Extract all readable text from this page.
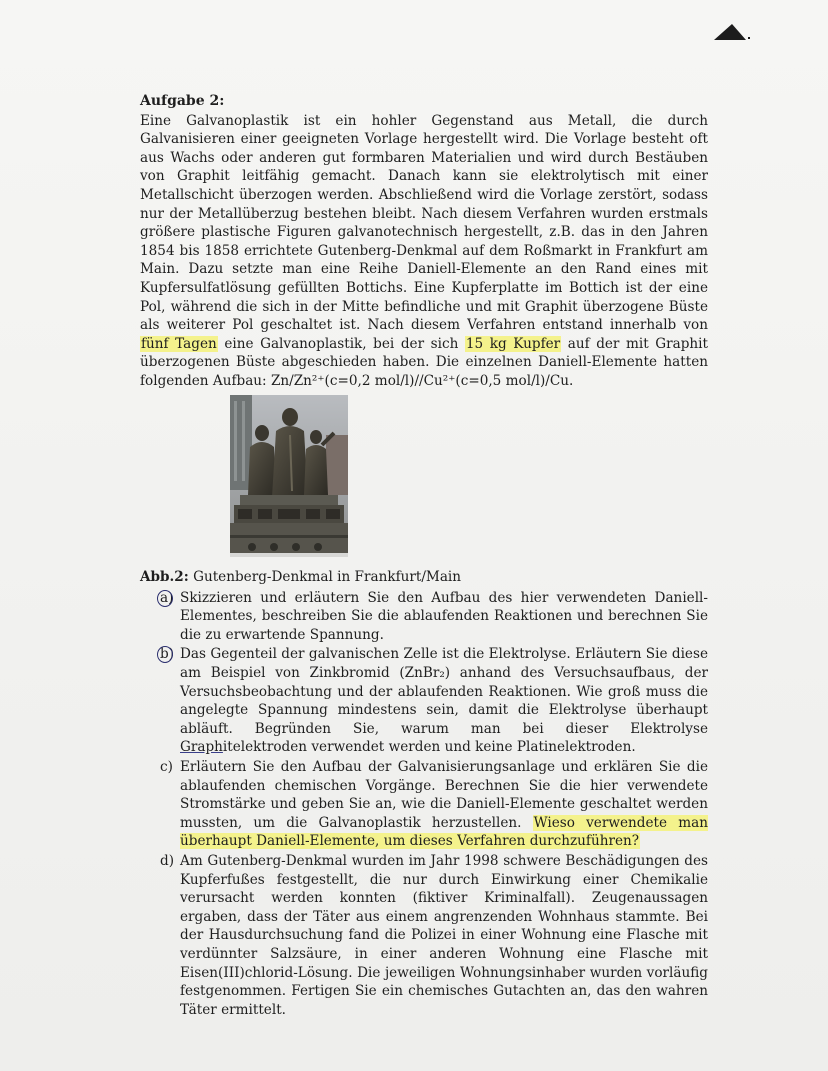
Aufgabe 2:

Eine Galvanoplastik ist ein hohler Gegenstand aus Metall, die durch Galvanisieren einer geeigneten Vorlage hergestellt wird. Die Vorlage besteht oft aus Wachs oder anderen gut formbaren Materialien und wird durch Bestäuben von Graphit leitfähig gemacht. Danach kann sie elektrolytisch mit einer Metallschicht überzogen werden. Abschließend wird die Vorlage zerstört, sodass nur der Metallüberzug bestehen bleibt. Nach diesem Verfahren wurden erstmals größere plastische Figuren galvanotechnisch hergestellt, z.B. das in den Jahren 1854 bis 1858 errichtete Gutenberg-Denkmal auf dem Roßmarkt in Frankfurt am Main. Dazu setzte man eine Reihe Daniell-Elemente an den Rand eines mit Kupfersulfatlösung gefüllten Bottichs. Eine Kupferplatte im Bottich ist der eine Pol, während die sich in der Mitte befindliche und mit Graphit überzogene Büste als weiterer Pol geschaltet ist. Nach diesem Verfahren entstand innerhalb von fünf Tagen eine Galvanoplastik, bei der sich 15 kg Kupfer auf der mit Graphit überzogenen Büste abgeschieden haben. Die einzelnen Daniell-Elemente hatten folgenden Aufbau: Zn/Zn²⁺(c=0,2 mol/l)//Cu²⁺(c=0,5 mol/l)/Cu.

Abb.2: Gutenberg-Denkmal in Frankfurt/Main

a) Skizzieren und erläutern Sie den Aufbau des hier verwendeten Daniell-Elementes, beschreiben Sie die ablaufenden Reaktionen und berechnen Sie die zu erwartende Spannung.
b) Das Gegenteil der galvanischen Zelle ist die Elektrolyse. Erläutern Sie diese am Beispiel von Zinkbromid (ZnBr₂) anhand des Versuchsaufbaus, der Versuchsbeobachtung und der ablaufenden Reaktionen. Wie groß muss die angelegte Spannung mindestens sein, damit die Elektrolyse überhaupt abläuft. Begründen Sie, warum man bei dieser Elektrolyse Graphitelektroden verwendet werden und keine Platinelektroden.
c) Erläutern Sie den Aufbau der Galvanisierungsanlage und erklären Sie die ablaufenden chemischen Vorgänge. Berechnen Sie die hier verwendete Stromstärke und geben Sie an, wie die Daniell-Elemente geschaltet werden mussten, um die Galvanoplastik herzustellen. Wieso verwendete man überhaupt Daniell-Elemente, um dieses Verfahren durchzuführen?
d) Am Gutenberg-Denkmal wurden im Jahr 1998 schwere Beschädigungen des Kupferfußes festgestellt, die nur durch Einwirkung einer Chemikalie verursacht werden konnten (fiktiver Kriminalfall). Zeugenaussagen ergaben, dass der Täter aus einem angrenzenden Wohnhaus stammte. Bei der Hausdurchsuchung fand die Polizei in einer Wohnung eine Flasche mit verdünnter Salzsäure, in einer anderen Wohnung eine Flasche mit Eisen(III)chlorid-Lösung. Die jeweiligen Wohnungsinhaber wurden vorläufig festgenommen. Fertigen Sie ein chemisches Gutachten an, das den wahren Täter ermittelt.
